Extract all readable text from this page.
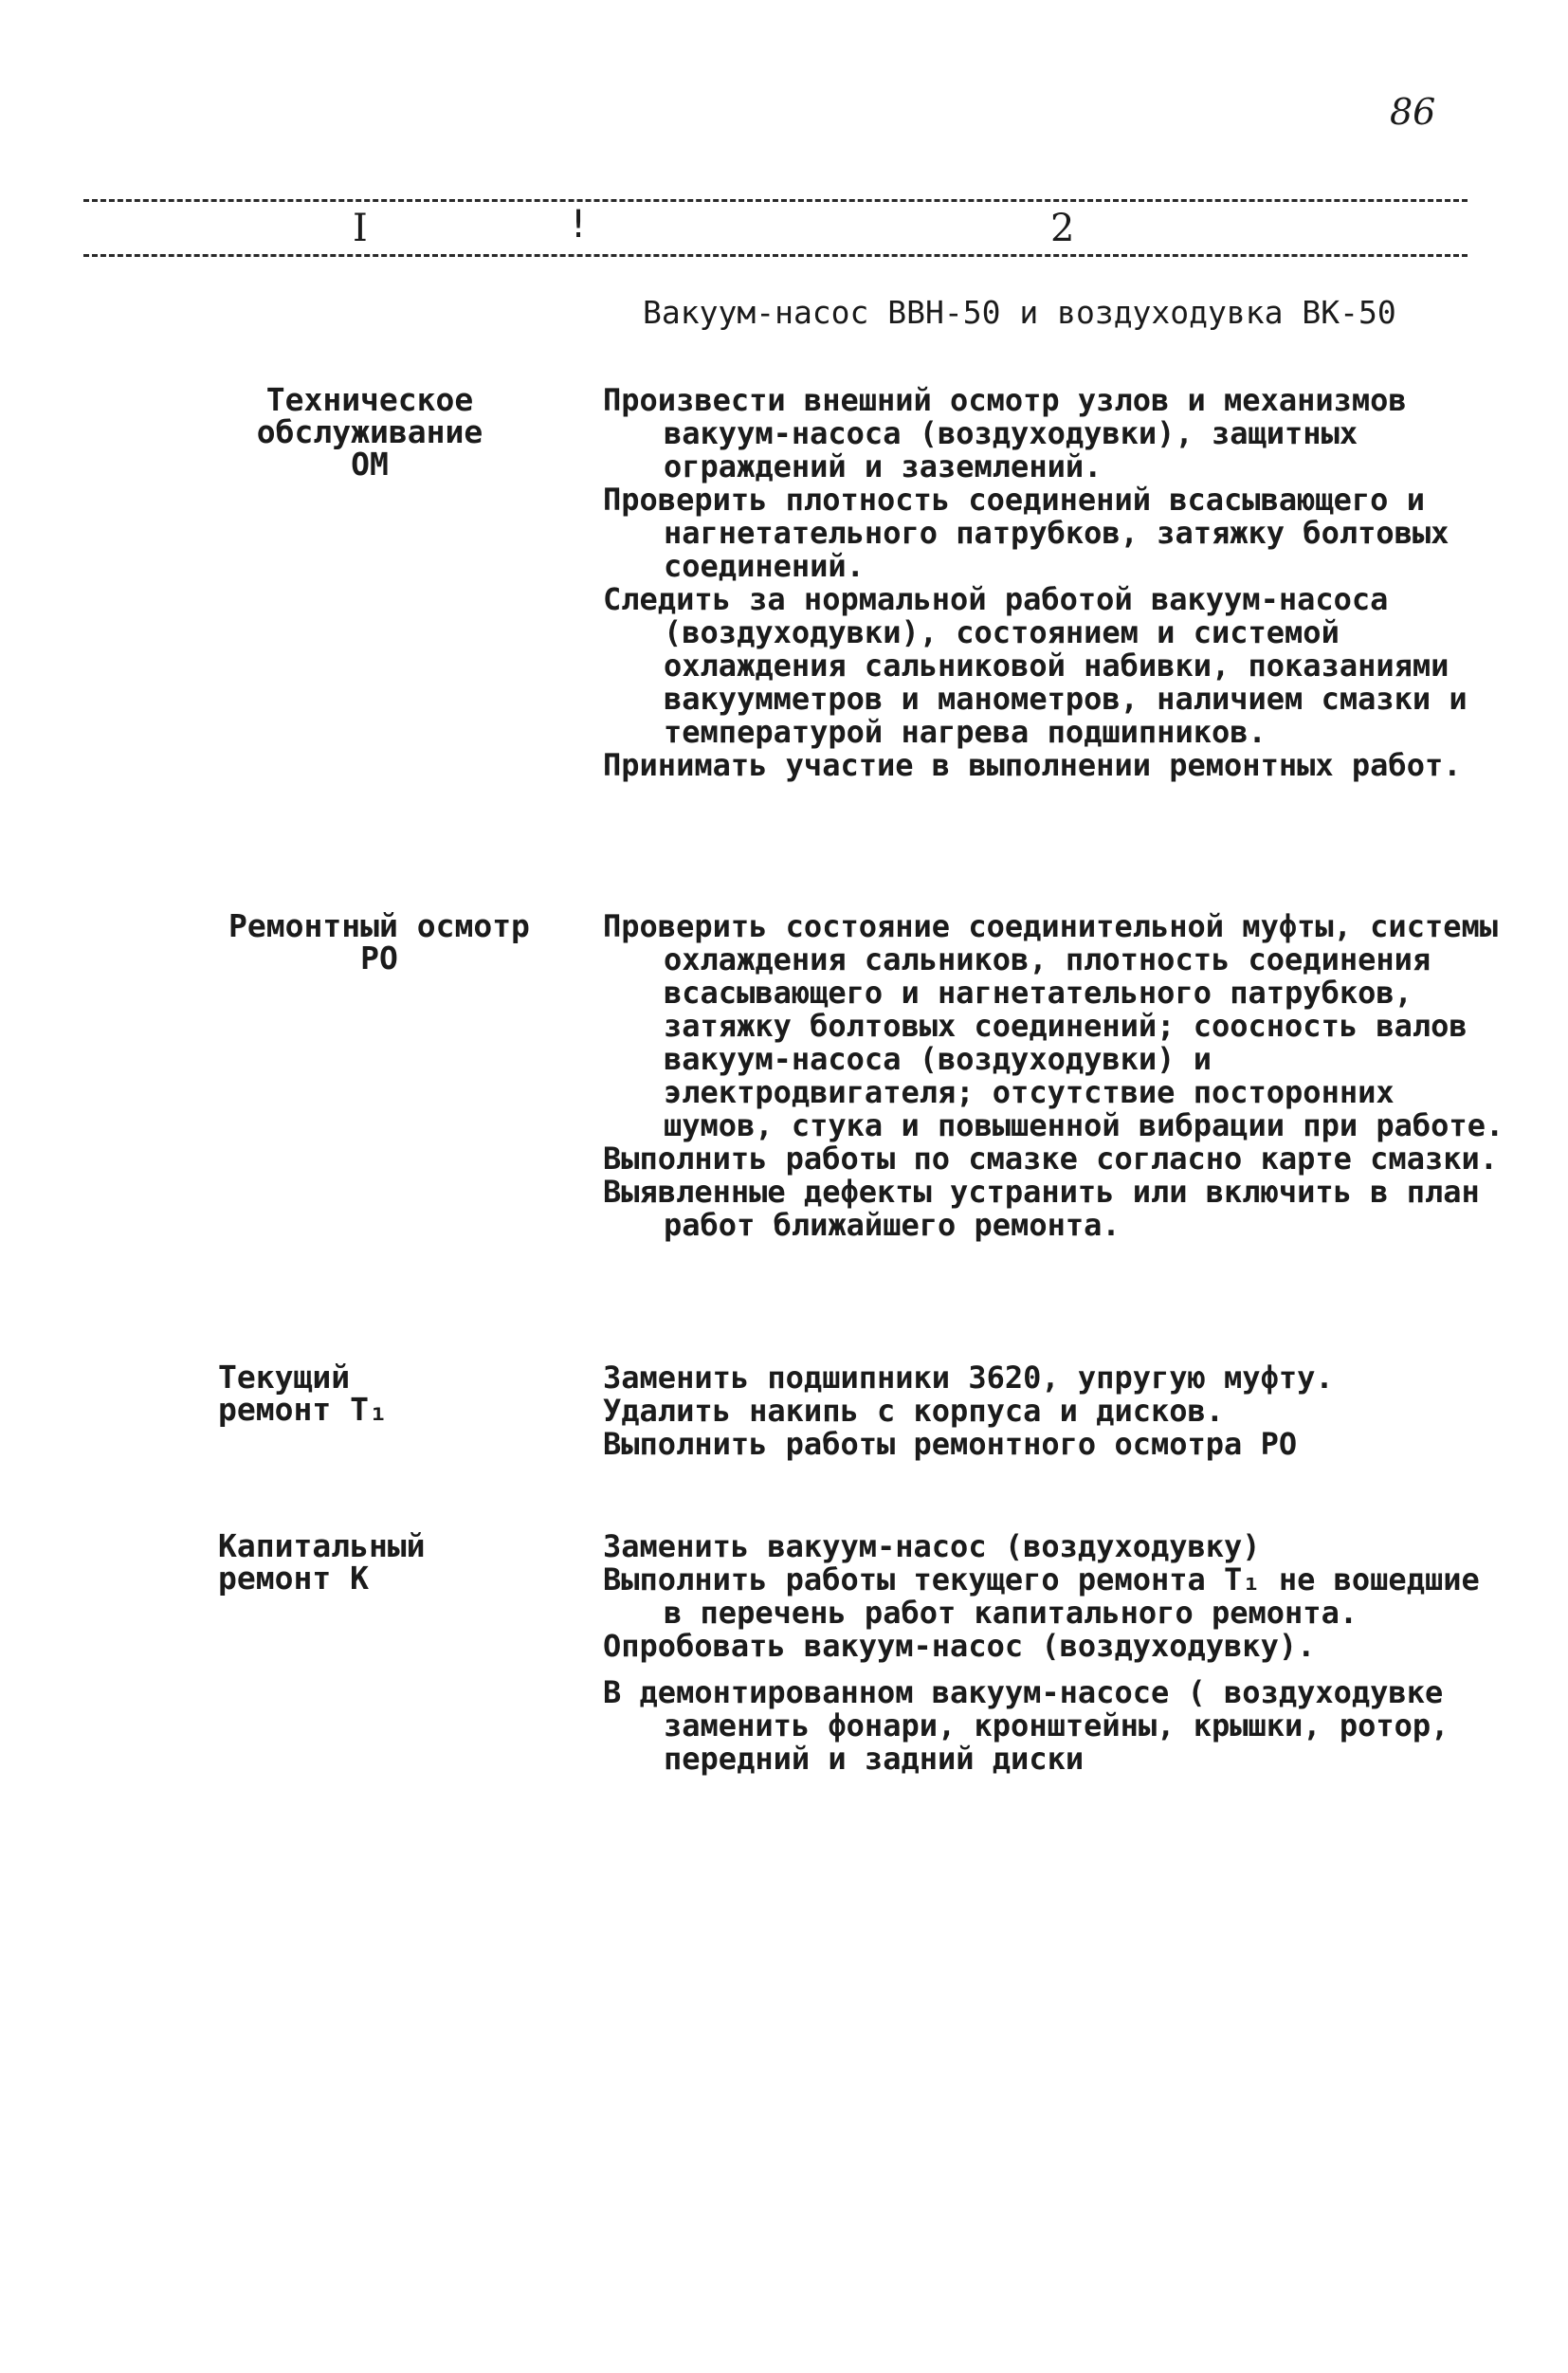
86
I	!	2
Вакуум-насос ВВН-50 и воздуходувка ВК-50
Техническое
обслуживание
ОМ

Произвести внешний осмотр узлов и механизмов вакуум-насоса (воздуходувки), защитных ограждений и заземлений.

Проверить плотность соединений всасывающего и нагнетательного патрубков, затяжку болтовых соединений.

Следить за нормальной работой вакуум-насоса (воздуходувки), состоянием и системой охлаждения сальниковой набивки, показаниями вакуумметров и манометров, наличием смазки и температурой нагрева подшипников.

Принимать участие в выполнении ремонтных работ.

Ремонтный осмотр
РО

Проверить состояние соединительной муфты, системы охлаждения сальников, плотность соединения всасывающего и нагнетательного патрубков, затяжку болтовых соединений; соосность валов вакуум-насоса (воздуходувки) и электродвигателя; отсутствие посторонних шумов, стука и повышенной вибрации при работе.

Выполнить работы по смазке согласно карте смазки.

Выявленные дефекты устранить или включить в план работ ближайшего ремонта.

Текущий
ремонт Т₁

Заменить подшипники 3620, упругую муфту.

Удалить накипь с корпуса и дисков.

Выполнить работы ремонтного осмотра РО

Капитальный
ремонт К

Заменить вакуум-насос (воздуходувку)

Выполнить работы текущего ремонта Т₁ не вошедшие в перечень работ капитального ремонта.

Опробовать вакуум-насос (воздуходувку).

В демонтированном вакуум-насосе ( воздуходувке заменить фонари, кронштейны, крышки, ротор, передний и задний диски
